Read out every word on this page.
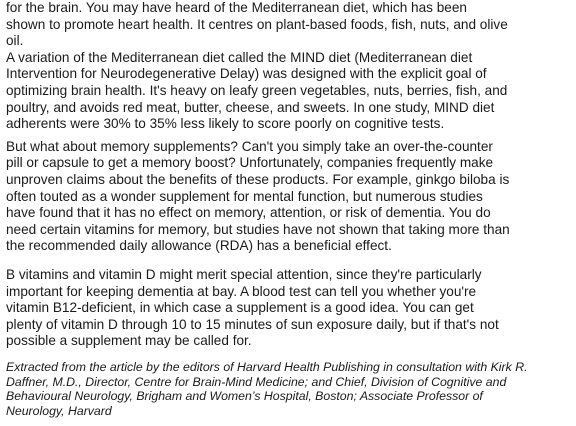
for the brain. You may have heard of the Mediterranean diet, which has been
shown to promote heart health. It centres on plant-based foods, fish, nuts, and olive
oil.

A variation of the Mediterranean diet called the MIND diet (Mediterranean diet
Intervention for Neurodegenerative Delay) was designed with the explicit goal of
optimizing brain health. It's heavy on leafy green vegetables, nuts, berries, fish, and
poultry, and avoids red meat, butter, cheese, and sweets. In one study, MIND diet
adherents were 30% to 35% less likely to score poorly on cognitive tests.

But what about memory supplements? Can't you simply take an over-the-counter
pill or capsule to get a memory boost? Unfortunately, companies frequently make
unproven claims about the benefits of these products. For example, ginkgo biloba is
often touted as a wonder supplement for mental function, but numerous studies
have found that it has no effect on memory, attention, or risk of dementia. You do
need certain vitamins for memory, but studies have not shown that taking more than
the recommended daily allowance (RDA) has a beneficial effect.

B vitamins and vitamin D might merit special attention, since they're particularly
important for keeping dementia at bay. A blood test can tell you whether you're
vitamin B12-deficient, in which case a supplement is a good idea. You can get
plenty of vitamin D through 10 to 15 minutes of sun exposure daily, but if that's not
possible a supplement may be called for.

Extracted from the article by the editors of Harvard Health Publishing in consultation with Kirk R.
Daffner, M.D., Director, Centre for Brain-Mind Medicine; and Chief, Division of Cognitive and
Behavioural Neurology, Brigham and Women’s Hospital, Boston; Associate Professor of
Neurology, Harvard
